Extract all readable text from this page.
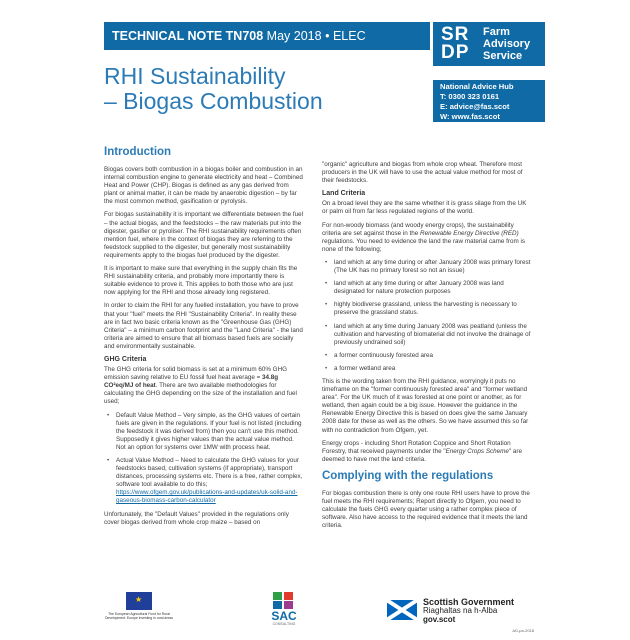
TECHNICAL NOTE TN708 May 2018 • ELEC	SR DP
Farm
Advisory
Service
National Advice Hub
T: 0300 323 0161
E: advice@fas.scot
W: www.fas.scot
RHI Sustainability
– Biogas Combustion
Introduction

Biogas covers both combustion in a biogas boiler and combustion in an internal combustion engine to generate electricity and heat – Combined Heat and Power (CHP). Biogas is defined as any gas derived from plant or animal matter, it can be made by anaerobic digestion – by far the most common method, gasification or pyrolysis.

For biogas sustainability it is important we differentiate between the fuel – the actual biogas, and the feedstocks – the raw materials put into the digester, gasifier or pyroliser. The RHI sustainability requirements often mention fuel, where in the context of biogas they are referring to the feedstock supplied to the digester, but generally most sustainability requirements apply to the biogas fuel produced by the digester.

It is important to make sure that everything in the supply chain fits the RHI sustainability criteria, and probably more importantly there is suitable evidence to prove it. This applies to both those who are just now applying for the RHI and those already long registered.

In order to claim the RHI for any fuelled installation, you have to prove that your "fuel" meets the RHI "Sustainability Criteria". In reality these are in fact two basic criteria known as the "Greenhouse Gas (GHG) Criteria" – a minimum carbon footprint and the "Land Criteria" - the land criteria are aimed to ensure that all biomass based fuels are socially and environmentally sustainable.

GHG Criteria

The GHG criteria for solid biomass is set at a minimum 60% GHG emission saving relative to EU fossil fuel heat average = 34.8g CO²eq/MJ of heat. There are two available methodologies for calculating the GHG depending on the size of the installation and fuel used;

• Default Value Method – Very simple, as the GHG values of certain fuels are given in the regulations. If your fuel is not listed (including the feedstock it was derived from) then you can't use this method. Supposedly it gives higher values than the actual value method. Not an option for systems over 1MW with process heat.
• Actual Value Method – Need to calculate the GHG values for your feedstocks based, cultivation systems (if appropriate), transport distances, processing systems etc. There is a free, rather complex, software tool available to do this; https://www.ofgem.gov.uk/publications-and-updates/uk-solid-and-gaseous-biomass-carbon-calculator

Unfortunately, the "Default Values" provided in the regulations only cover biogas derived from whole crop maize – based on

"organic" agriculture and biogas from whole crop wheat. Therefore most producers in the UK will have to use the actual value method for most of their feedstocks.

Land Criteria

On a broad level they are the same whether it is grass silage from the UK or palm oil from far less regulated regions of the world.

For non-woody biomass (and woody energy crops), the sustainability criteria are set against those in the Renewable Energy Directive (RED) regulations. You need to evidence the land the raw material came from is none of the following;

• land which at any time during or after January 2008 was primary forest (The UK has no primary forest so not an issue)
• land which at any time during or after January 2008 was land designated for nature protection purposes
• highly biodiverse grassland, unless the harvesting is necessary to preserve the grassland status.
• land which at any time during January 2008 was peatland (unless the cultivation and harvesting of biomaterial did not involve the drainage of previously undrained soil)
• a former continuously forested area
• a former wetland area

This is the wording taken from the RHI guidance, worryingly it puts no timeframe on the "former continuously forested area" and "former wetland area". For the UK much of it was forested at one point or another, as for wetland, then again could be a big issue. However the guidance in the Renewable Energy Directive this is based on does give the same January 2008 date for these as well as the others. So we have assumed this so far with no contradiction from Ofgem, yet.

Energy crops - including Short Rotation Coppice and Short Rotation Forestry, that received payments under the "Energy Crops Scheme" are deemed to have met the land criteria.

Complying with the regulations

For biogas combustion there is only one route RHI users have to prove the fuel meets the RHI requirements; Report directly to Ofgem, you need to calculate the fuels GHG every quarter using a rather complex piece of software. Also have access to the required evidence that it meets the land criteria.

★
The European Agricultural Fund for Rural Development: Europe investing in rural areas	SAC
CONSULTING
Scottish Government
Riaghaltas na h-Alba
gov.scot
AD-pa-2018
